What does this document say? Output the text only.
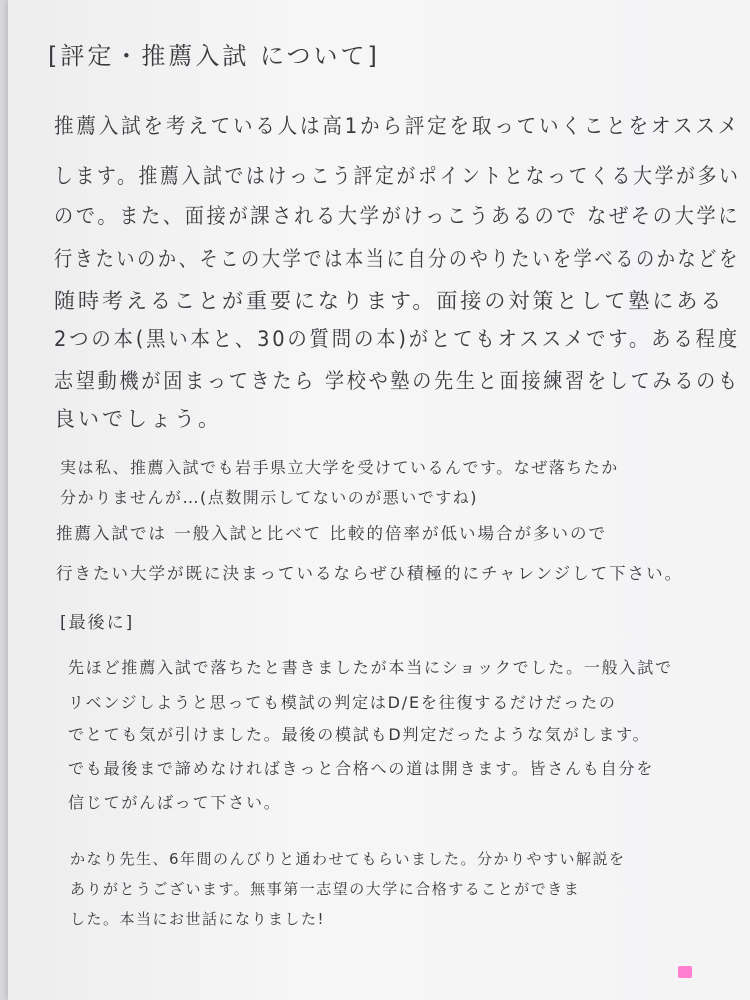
[評定・推薦入試 について]
推薦入試を考えている人は高1から評定を取っていくことをオススメ
します。推薦入試ではけっこう評定がポイントとなってくる大学が多い
ので。また、面接が課される大学がけっこうあるので なぜその大学に
行きたいのか、そこの大学では本当に自分のやりたいを学べるのかなどを
随時考えることが重要になります。面接の対策として塾にある
2つの本(黒い本と、30の質問の本)がとてもオススメです。ある程度
志望動機が固まってきたら 学校や塾の先生と面接練習をしてみるのも
良いでしょう。
実は私、推薦入試でも岩手県立大学を受けているんです。なぜ落ちたか
分かりませんが…(点数開示してないのが悪いですね)
推薦入試では 一般入試と比べて 比較的倍率が低い場合が多いので
行きたい大学が既に決まっているならぜひ積極的にチャレンジして下さい。
[最後に]
先ほど推薦入試で落ちたと書きましたが本当にショックでした。一般入試で
リベンジしようと思っても模試の判定はD/Eを往復するだけだったの
でとても気が引けました。最後の模試もD判定だったような気がします。
でも最後まで諦めなければきっと合格への道は開きます。皆さんも自分を
信じてがんばって下さい。
かなり先生、6年間のんびりと通わせてもらいました。分かりやすい解説を
ありがとうございます。無事第一志望の大学に合格することができま
した。本当にお世話になりました!
